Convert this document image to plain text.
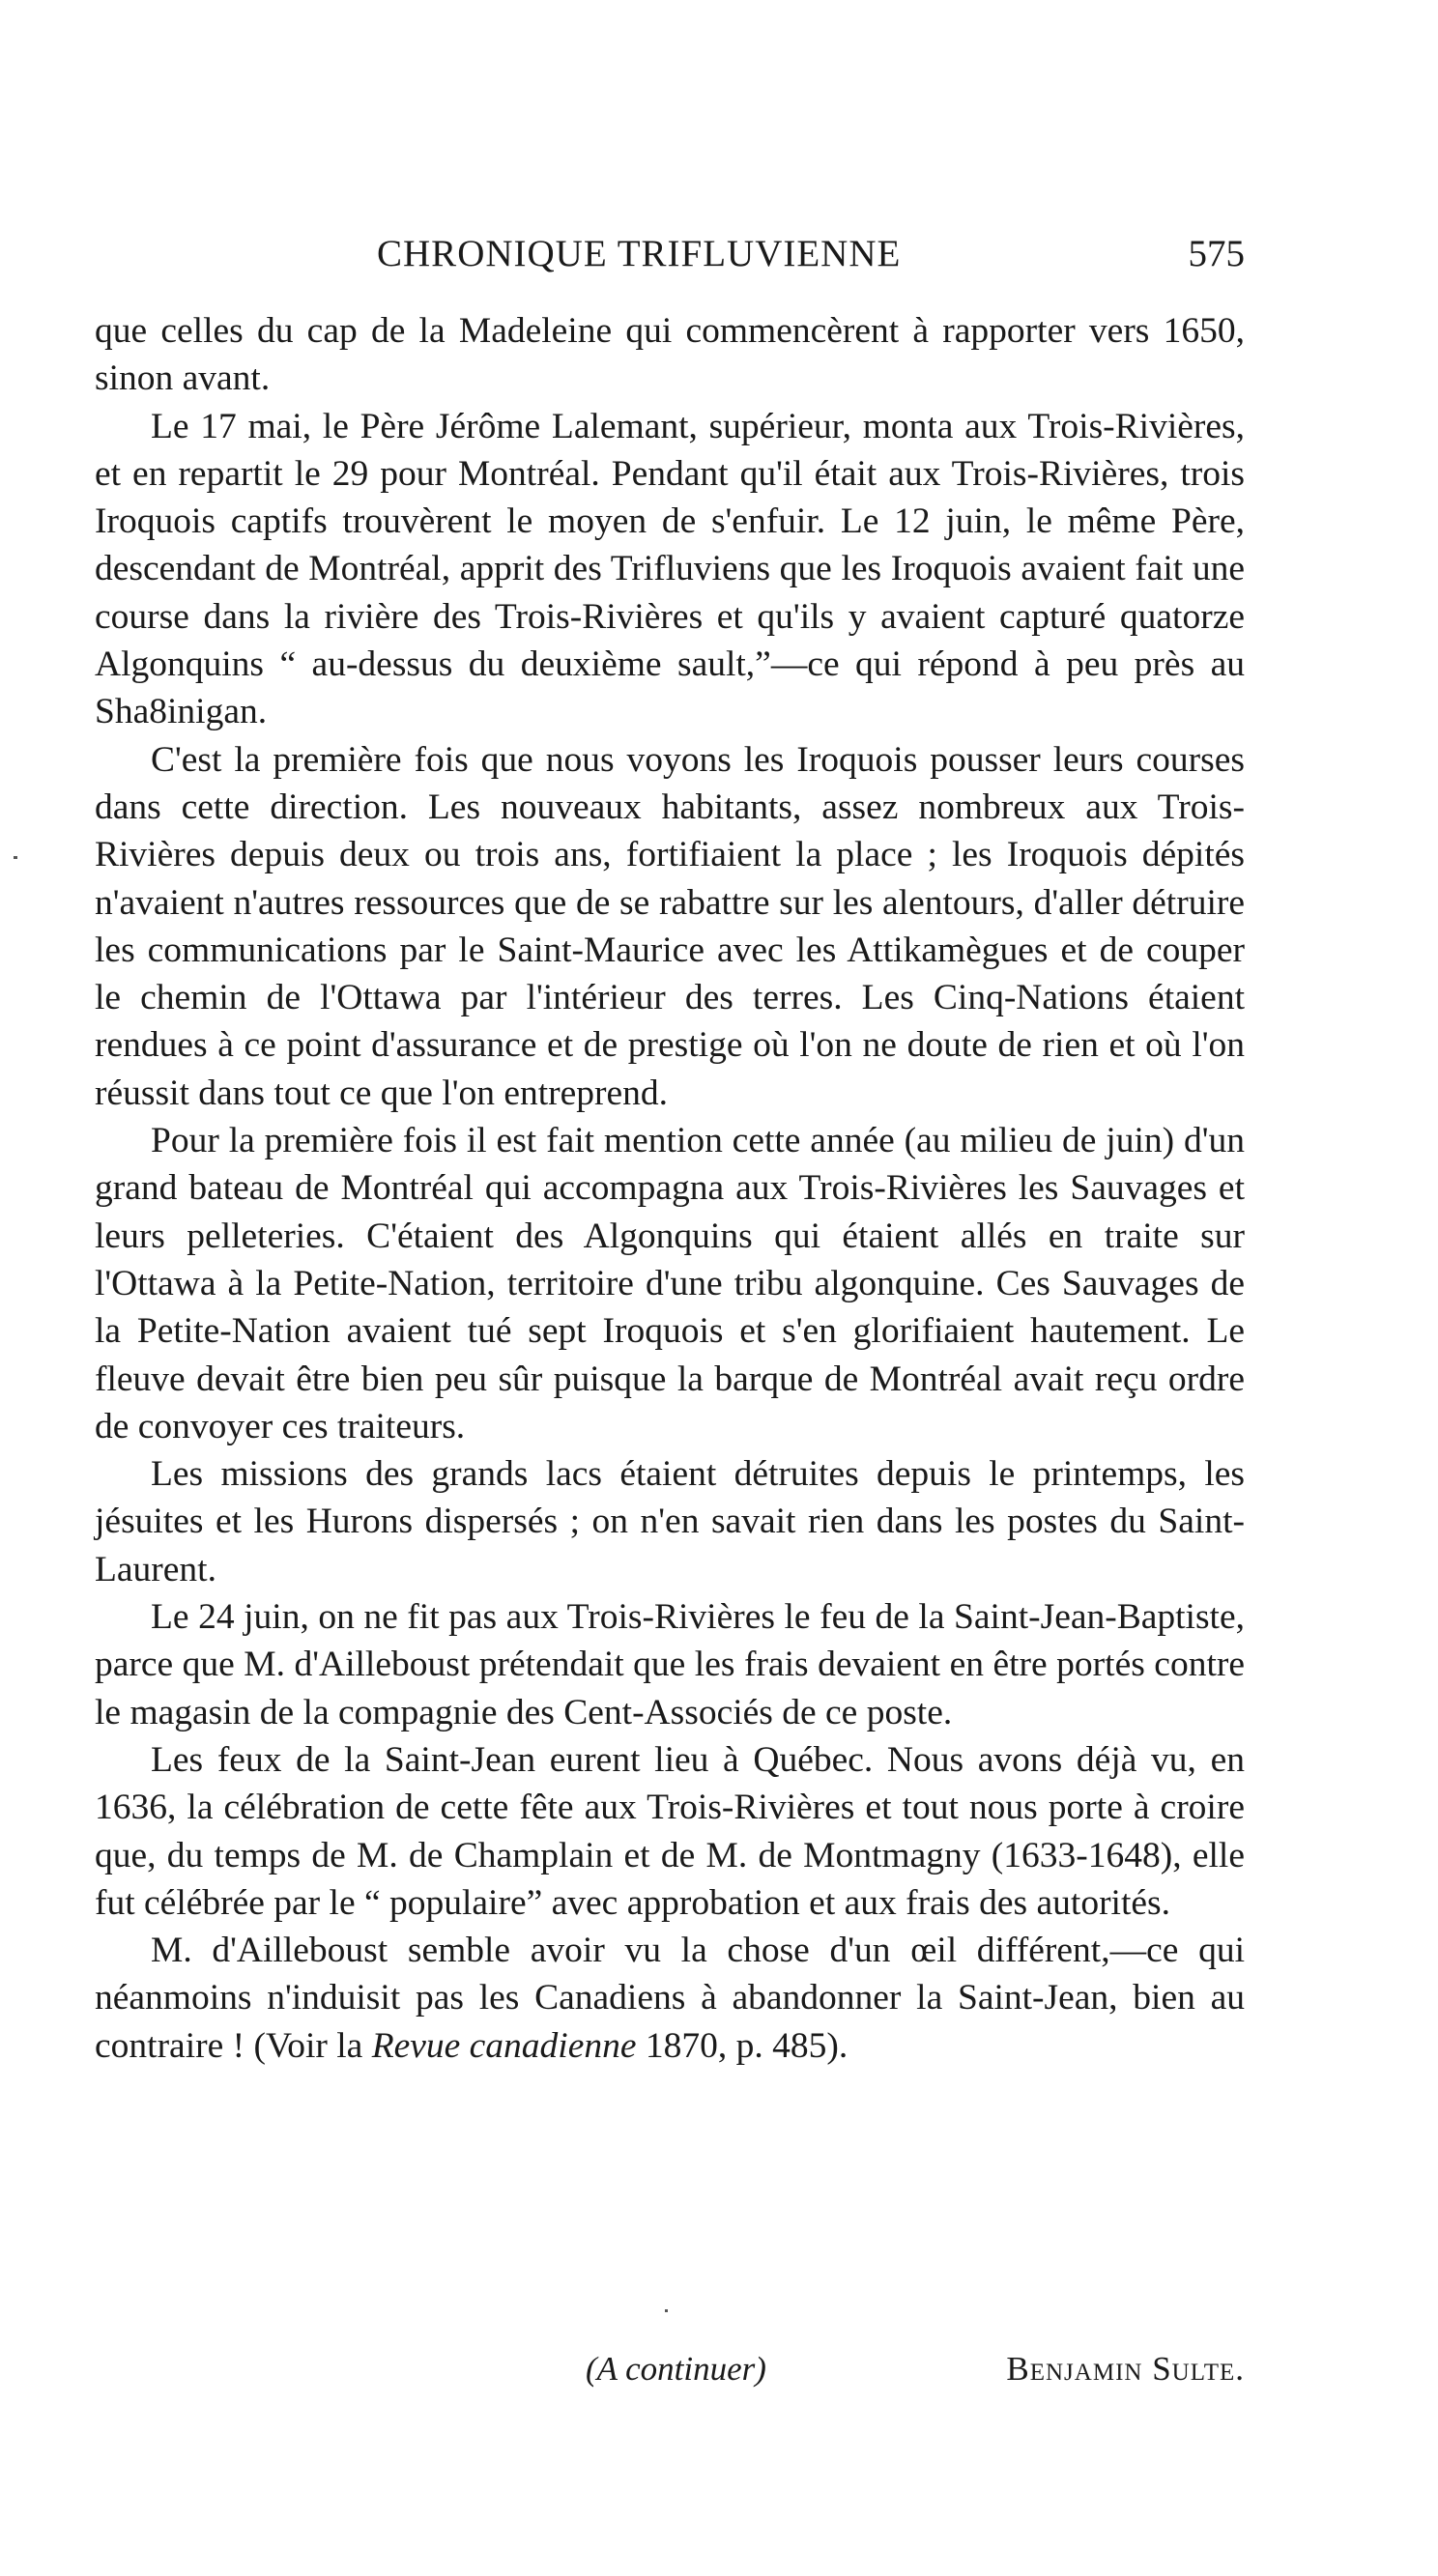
CHRONIQUE TRIFLUVIENNE	575

que celles du cap de la Madeleine qui commencèrent à rapporter vers 1650, sinon avant.

Le 17 mai, le Père Jérôme Lalemant, supérieur, monta aux Trois-Rivières, et en repartit le 29 pour Montréal. Pendant qu'il était aux Trois-Rivières, trois Iroquois captifs trouvèrent le moyen de s'enfuir. Le 12 juin, le même Père, descendant de Montréal, apprit des Trifluviens que les Iroquois avaient fait une course dans la rivière des Trois-Rivières et qu'ils y avaient capturé quatorze Algonquins “ au-dessus du deuxième sault,”—ce qui répond à peu près au Sha8inigan.

C'est la première fois que nous voyons les Iroquois pousser leurs courses dans cette direction. Les nouveaux habitants, assez nombreux aux Trois-Rivières depuis deux ou trois ans, fortifiaient la place ; les Iroquois dépités n'avaient n'autres ressources que de se rabattre sur les alentours, d'aller détruire les communications par le Saint-Maurice avec les Attikamègues et de couper le chemin de l'Ottawa par l'intérieur des terres. Les Cinq-Nations étaient rendues à ce point d'assurance et de prestige où l'on ne doute de rien et où l'on réussit dans tout ce que l'on entreprend.

Pour la première fois il est fait mention cette année (au milieu de juin) d'un grand bateau de Montréal qui accompagna aux Trois-Rivières les Sauvages et leurs pelleteries. C'étaient des Algonquins qui étaient allés en traite sur l'Ottawa à la Petite-Nation, territoire d'une tribu algonquine. Ces Sauvages de la Petite-Nation avaient tué sept Iroquois et s'en glorifiaient hautement. Le fleuve devait être bien peu sûr puisque la barque de Montréal avait reçu ordre de convoyer ces traiteurs.

Les missions des grands lacs étaient détruites depuis le printemps, les jésuites et les Hurons dispersés ; on n'en savait rien dans les postes du Saint-Laurent.

Le 24 juin, on ne fit pas aux Trois-Rivières le feu de la Saint-Jean-Baptiste, parce que M. d'Ailleboust prétendait que les frais devaient en être portés contre le magasin de la compagnie des Cent-Associés de ce poste.

Les feux de la Saint-Jean eurent lieu à Québec. Nous avons déjà vu, en 1636, la célébration de cette fête aux Trois-Rivières et tout nous porte à croire que, du temps de M. de Champlain et de M. de Montmagny (1633-1648), elle fut célébrée par le “ populaire” avec approbation et aux frais des autorités.

M. d'Ailleboust semble avoir vu la chose d'un œil différent,—ce qui néanmoins n'induisit pas les Canadiens à abandonner la Saint-Jean, bien au contraire ! (Voir la Revue canadienne 1870, p. 485).

(A continuer)	Benjamin Sulte.
